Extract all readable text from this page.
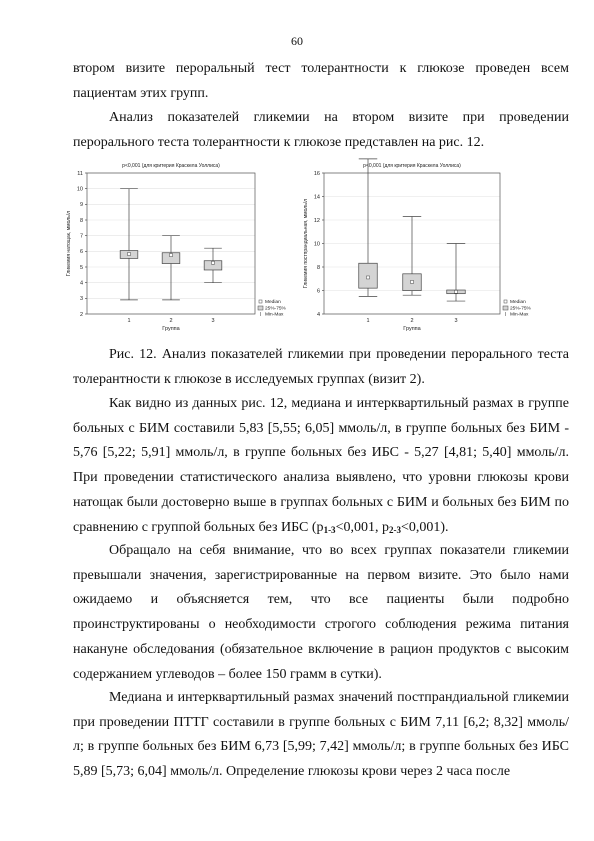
60

втором визите пероральный тест толерантности к глюкозе проведен всем пациентам этих групп.

Анализ показателей гликемии на втором визите при проведении перорального теста толерантности к глюкозе представлен на рис. 12.

p<0,001 (для критерия Краскела Уоллиса)
2
3
4
5
6
7
8
9
10
11
Гликемия натощак, ммоль/л
Группа
1	2	3
Median
25%-75%
Min-Max
p<0,001 (для критерия Краскела Уоллиса)
4
6
8
10
12
14
16
Гликемия постпрандиальная, ммоль/л
Группа
1	2	3
Median
25%-75%
Min-Max

Рис. 12. Анализ показателей гликемии при проведении перорального теста толерантности к глюкозе в исследуемых группах (визит 2).

Как видно из данных рис. 12, медиана и интерквартильный размах в группе больных с БИМ составили 5,83 [5,55; 6,05] ммоль/л, в группе больных без БИМ - 5,76 [5,22; 5,91] ммоль/л, в группе больных без ИБС - 5,27 [4,81; 5,40] ммоль/л. При проведении статистического анализа выявлено, что уровни глюкозы крови натощак были достоверно выше в группах больных с БИМ и больных без БИМ по сравнению с группой больных без ИБС ($p_{1-3}<0,001$, $p_{2-3}<0,001$).

Обращало на себя внимание, что во всех группах показатели гликемии превышали значения, зарегистрированные на первом визите. Это было нами ожидаемо и объясняется тем, что все пациенты были подробно проинструктированы о необходимости строгого соблюдения режима питания накануне обследования (обязательное включение в рацион продуктов с высоким содержанием углеводов – более 150 грамм в сутки).

Медиана и интерквартильный размах значений постпрандиальной гликемии при проведении ПТТГ составили в группе больных с БИМ 7,11 [6,2; 8,32] ммоль/л; в группе больных без БИМ 6,73 [5,99; 7,42] ммоль/л; в группе больных без ИБС 5,89 [5,73; 6,04] ммоль/л. Определение глюкозы крови через 2 часа после
